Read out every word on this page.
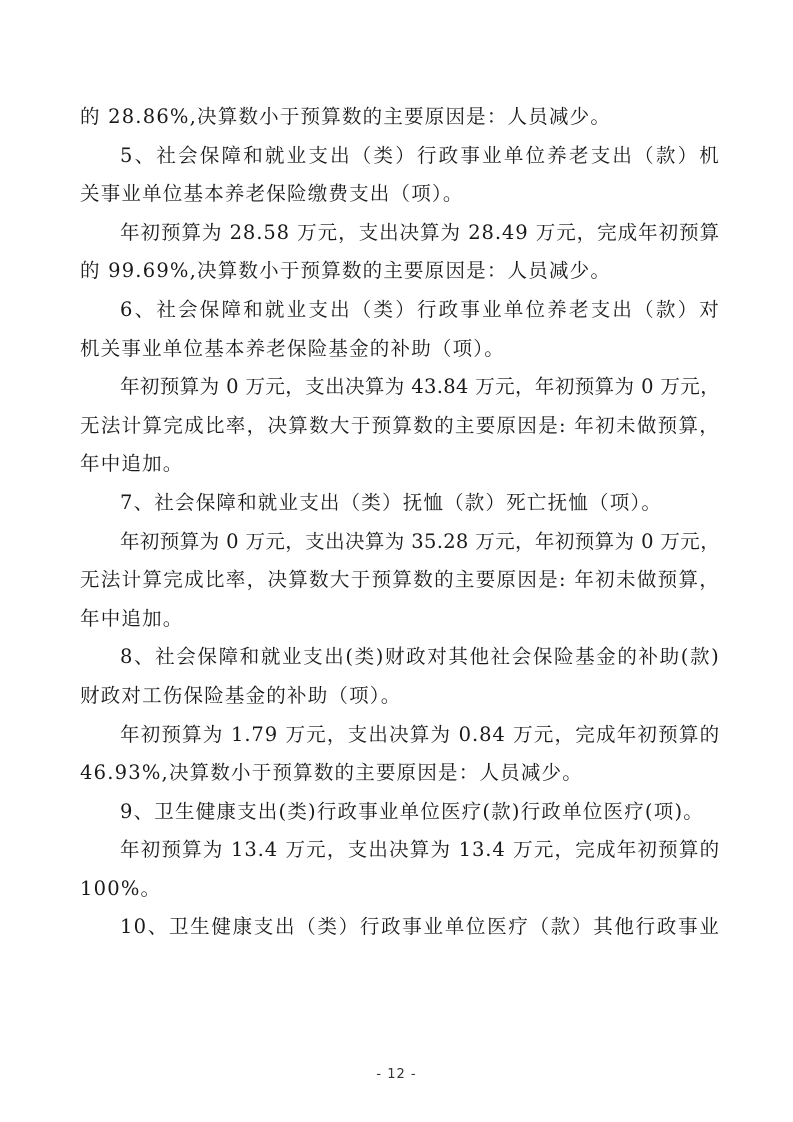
的 28.86%,决算数小于预算数的主要原因是：人员减少。
5、社会保障和就业支出（类）行政事业单位养老支出（款）机
关事业单位基本养老保险缴费支出（项）。
年初预算为 28.58 万元，支出决算为 28.49 万元，完成年初预算
的 99.69%,决算数小于预算数的主要原因是：人员减少。
6、社会保障和就业支出（类）行政事业单位养老支出（款）对
机关事业单位基本养老保险基金的补助（项）。
年初预算为 0 万元，支出决算为 43.84 万元，年初预算为 0 万元，
无法计算完成比率，决算数大于预算数的主要原因是: 年初未做预算，
年中追加。
7、社会保障和就业支出（类）抚恤（款）死亡抚恤（项）。
年初预算为 0 万元，支出决算为 35.28 万元，年初预算为 0 万元，
无法计算完成比率，决算数大于预算数的主要原因是: 年初未做预算，
年中追加。
8、社会保障和就业支出(类)财政对其他社会保险基金的补助(款)
财政对工伤保险基金的补助（项）。
年初预算为 1.79 万元，支出决算为 0.84 万元，完成年初预算的
46.93%,决算数小于预算数的主要原因是：人员减少。
9、卫生健康支出(类)行政事业单位医疗(款)行政单位医疗(项)。
年初预算为 13.4 万元，支出决算为 13.4 万元，完成年初预算的
100%。
10、卫生健康支出（类）行政事业单位医疗（款）其他行政事业
- 12 -
